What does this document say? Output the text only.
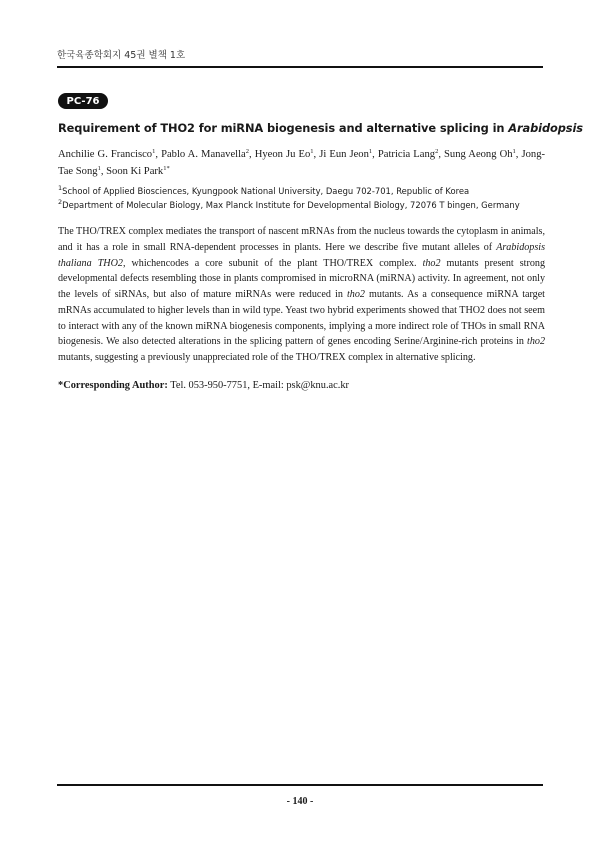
한국육종학회지 45권 별책 1호
PC-76
Requirement of THO2 for miRNA biogenesis and alternative splicing in Arabidopsis
Anchilie G. Francisco$^1$, Pablo A. Manavella$^2$, Hyeon Ju Eo$^1$, Ji Eun Jeon$^1$, Patricia Lang$^2$, Sung Aeong Oh$^1$, Jong-Tae Song$^1$, Soon Ki Park$^{1*}$
$^1$School of Applied Biosciences, Kyungpook National University, Daegu 702-701, Republic of Korea
$^2$Department of Molecular Biology, Max Planck Institute for Developmental Biology, 72076 T bingen, Germany
The THO/TREX complex mediates the transport of nascent mRNAs from the nucleus towards the cytoplasm in animals, and it has a role in small RNA-dependent processes in plants. Here we describe five mutant alleles of Arabidopsis thaliana THO2, whichencodes a core subunit of the plant THO/TREX complex. tho2 mutants present strong developmental defects resembling those in plants compromised in microRNA (miRNA) activity. In agreement, not only the levels of siRNAs, but also of mature miRNAs were reduced in tho2 mutants. As a consequence miRNA target mRNAs accumulated to higher levels than in wild type. Yeast two hybrid experiments showed that THO2 does not seem to interact with any of the known miRNA biogenesis components, implying a more indirect role of THOs in small RNA biogenesis. We also detected alterations in the splicing pattern of genes encoding Serine/Arginine-rich proteins in tho2 mutants, suggesting a previously unappreciated role of the THO/TREX complex in alternative splicing.
*Corresponding Author: Tel. 053-950-7751, E-mail: psk@knu.ac.kr
- 140 -
